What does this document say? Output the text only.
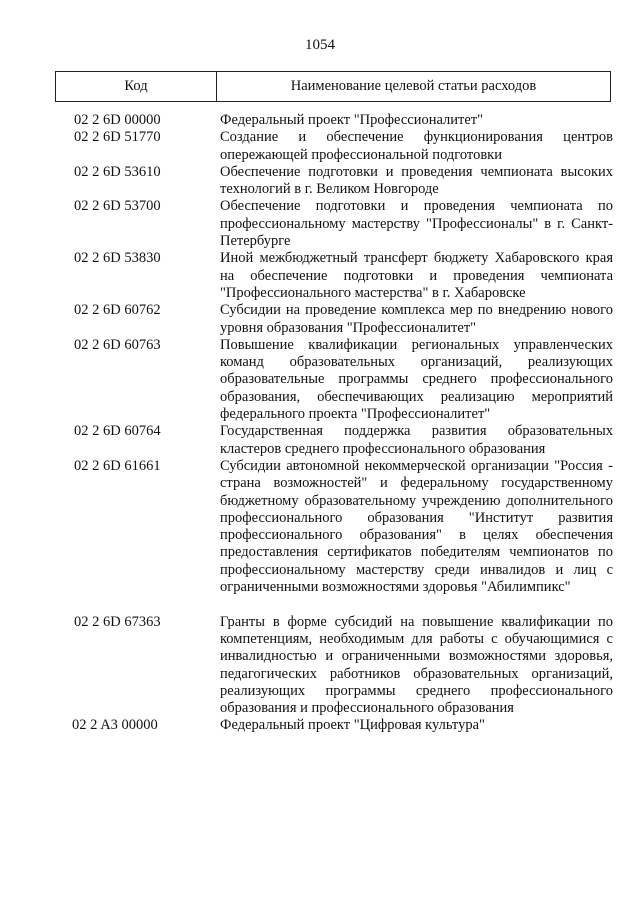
1054
Код	Наименование целевой статьи расходов
02 2 6D 00000	Федеральный проект "Профессионалитет"
02 2 6D 51770	Создание и обеспечение функционирования центров опережающей профессиональной подготовки
02 2 6D 53610	Обеспечение подготовки и проведения чемпионата высоких технологий в г. Великом Новгороде
02 2 6D 53700	Обеспечение подготовки и проведения чемпионата по профессиональному мастерству "Профессионалы" в г. Санкт-Петербурге
02 2 6D 53830	Иной межбюджетный трансферт бюджету Хабаровского края на обеспечение подготовки и проведения чемпионата "Профессионального мастерства" в г. Хабаровске
02 2 6D 60762	Субсидии на проведение комплекса мер по внедрению нового уровня образования "Профессионалитет"
02 2 6D 60763	Повышение квалификации региональных управленческих команд образовательных организаций, реализующих образовательные программы среднего профессионального образования, обеспечивающих реализацию мероприятий федерального проекта "Профессионалитет"
02 2 6D 60764	Государственная поддержка развития образовательных кластеров среднего профессионального образования
02 2 6D 61661	Субсидии автономной некоммерческой организации "Россия - страна возможностей" и федеральному государственному бюджетному образовательному учреждению дополнительного профессионального образования "Институт развития профессионального образования" в целях обеспечения предоставления сертификатов победителям чемпионатов по профессиональному мастерству среди инвалидов и лиц с ограниченными возможностями здоровья "Абилимпикс"
02 2 6D 67363	Гранты в форме субсидий на повышение квалификации по компетенциям, необходимым для работы с обучающимися с инвалидностью и ограниченными возможностями здоровья, педагогических работников образовательных организаций, реализующих программы среднего профессионального образования и профессионального образования
02 2 A3 00000	Федеральный проект "Цифровая культура"
